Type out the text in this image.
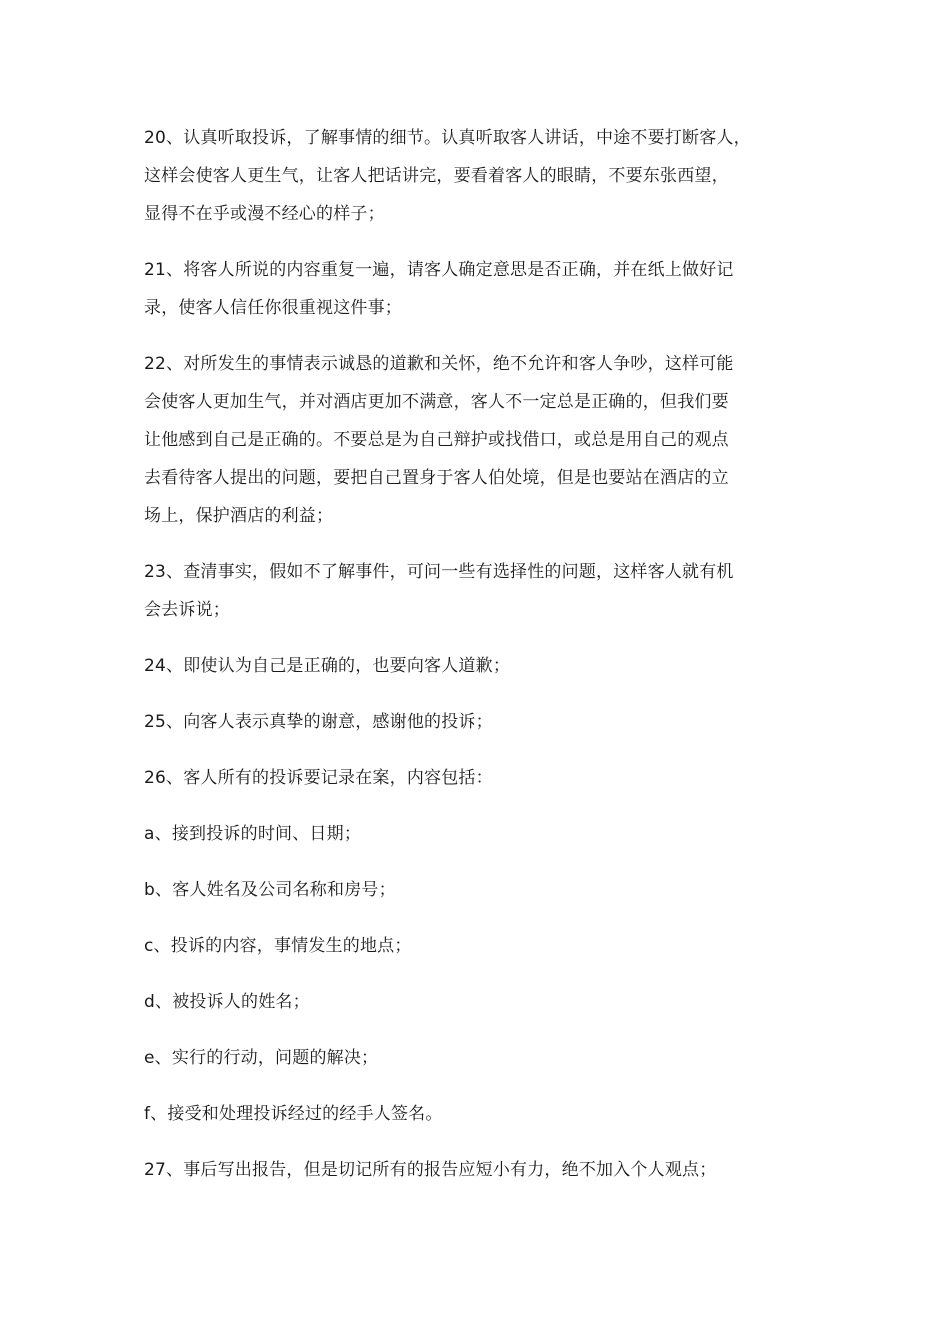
20、认真听取投诉，了解事情的细节。认真听取客人讲话，中途不要打断客人，
这样会使客人更生气，让客人把话讲完，要看着客人的眼睛，不要东张西望，
显得不在乎或漫不经心的样子；

21、将客人所说的内容重复一遍，请客人确定意思是否正确，并在纸上做好记
录，使客人信任你很重视这件事；

22、对所发生的事情表示诚恳的道歉和关怀，绝不允许和客人争吵，这样可能
会使客人更加生气，并对酒店更加不满意，客人不一定总是正确的，但我们要
让他感到自己是正确的。不要总是为自己辩护或找借口，或总是用自己的观点
去看待客人提出的问题，要把自己置身于客人伯处境，但是也要站在酒店的立
场上，保护酒店的利益；

23、查清事实，假如不了解事件，可问一些有选择性的问题，这样客人就有机
会去诉说；

24、即使认为自己是正确的，也要向客人道歉；

25、向客人表示真挚的谢意，感谢他的投诉；

26、客人所有的投诉要记录在案，内容包括：

a、接到投诉的时间、日期；

b、客人姓名及公司名称和房号；

c、投诉的内容，事情发生的地点；

d、被投诉人的姓名；

e、实行的行动，问题的解决；

f、接受和处理投诉经过的经手人签名。

27、事后写出报告，但是切记所有的报告应短小有力，绝不加入个人观点；
